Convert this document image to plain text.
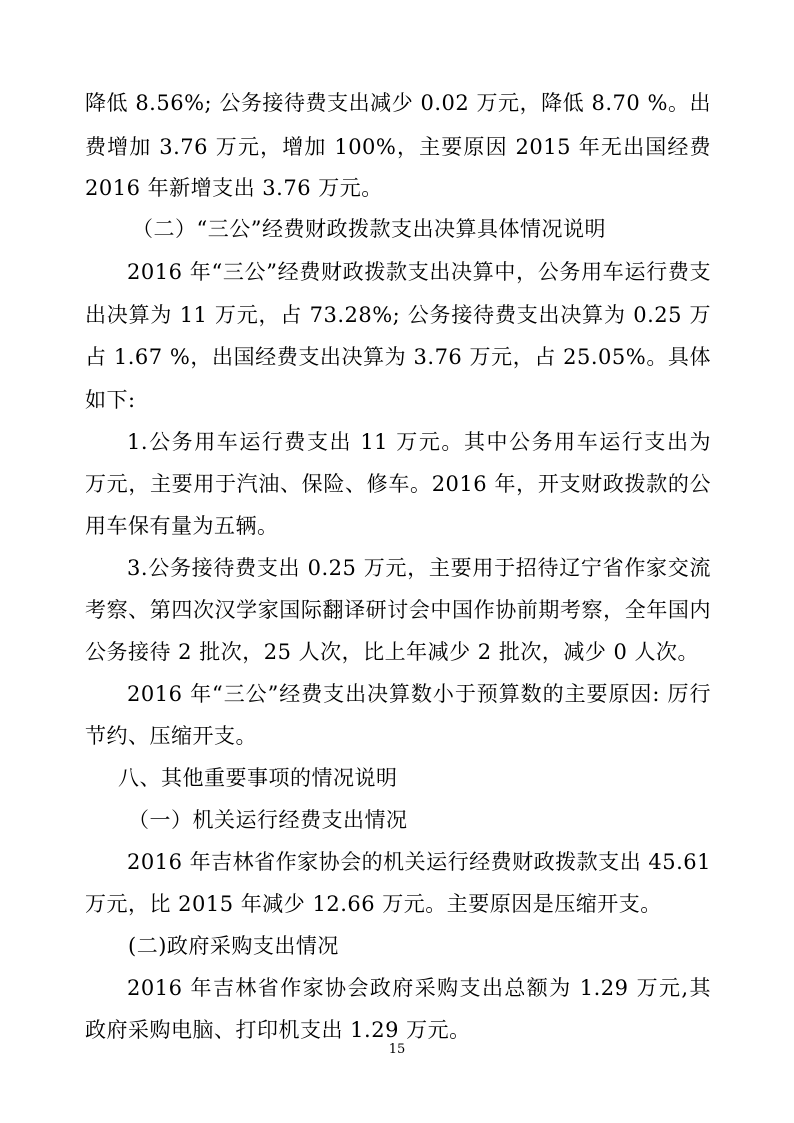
降低 8.56%; 公务接待费支出减少 0.02 万元，降低 8.70 %。出
费增加 3.76 万元，增加 100%，主要原因 2015 年无出国经费
2016 年新增支出 3.76 万元。
（二）“三公”经费财政拨款支出决算具体情况说明
2016 年“三公”经费财政拨款支出决算中，公务用车运行费支
出决算为 11 万元，占 73.28%; 公务接待费支出决算为 0.25 万
占 1.67 %，出国经费支出决算为 3.76 万元，占 25.05%。具体
如下:
1.公务用车运行费支出 11 万元。其中公务用车运行支出为
万元，主要用于汽油、保险、修车。2016 年，开支财政拨款的公
用车保有量为五辆。
3.公务接待费支出 0.25 万元，主要用于招待辽宁省作家交流
考察、第四次汉学家国际翻译研讨会中国作协前期考察，全年国内
公务接待 2 批次，25 人次，比上年减少 2 批次，减少 0 人次。
2016 年“三公”经费支出决算数小于预算数的主要原因: 厉行
节约、压缩开支。
八、其他重要事项的情况说明
（一）机关运行经费支出情况
2016 年吉林省作家协会的机关运行经费财政拨款支出 45.61
万元，比 2015 年减少 12.66 万元。主要原因是压缩开支。
(二)政府采购支出情况
2016 年吉林省作家协会政府采购支出总额为 1.29 万元,其
政府采购电脑、打印机支出 1.29 万元。
15
